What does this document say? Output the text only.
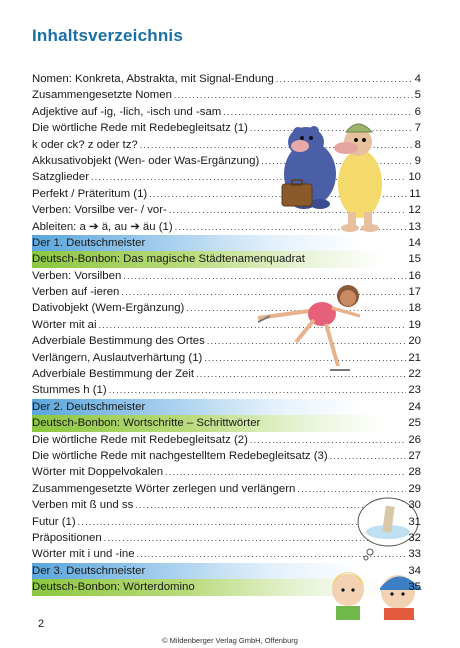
Inhaltsverzeichnis
Nomen: Konkreta, Abstrakta, mit Signal-Endung .....	4
Zusammengesetzte Nomen .....	5
Adjektive auf -ig, -lich, -isch und -sam .....	6
Die wörtliche Rede mit Redebegleitsatz (1) .....	7
k oder ck? z oder tz? .....	8
Akkusativobjekt (Wen- oder Was-Ergänzung) .....	9
Satzglieder .....	10
Perfekt / Präteritum (1) .....	11
Verben: Vorsilbe ver- / vor- .....	12
Ableiten: a ➔ ä, au ➔ äu (1) .....	13
Der 1. Deutschmeister	14
Deutsch-Bonbon: Das magische Städtenamenquadrat	15
Verben: Vorsilben .....	16
Verben auf -ieren .....	17
Dativobjekt (Wem-Ergänzung) .....	18
Wörter mit ai .....	19
Adverbiale Bestimmung des Ortes .....	20
Verlängern, Auslautverhärtung (1) .....	21
Adverbiale Bestimmung der Zeit .....	22
Stummes h (1) .....	23
Der 2. Deutschmeister	24
Deutsch-Bonbon: Wortschritte – Schrittwörter	25
Die wörtliche Rede mit Redebegleitsatz (2) .....	26
Die wörtliche Rede mit nachgestelltem Redebegleitsatz (3) .....	27
Wörter mit Doppelvokalen .....	28
Zusammengesetzte Wörter zerlegen und verlängern .....	29
Verben mit ß und ss .....	30
Futur (1) .....	31
Präpositionen .....	32
Wörter mit i und -ine .....	33
Der 3. Deutschmeister	34
Deutsch-Bonbon: Wörterdomino	35
2
© Mildenberger Verlag GmbH, Offenburg
